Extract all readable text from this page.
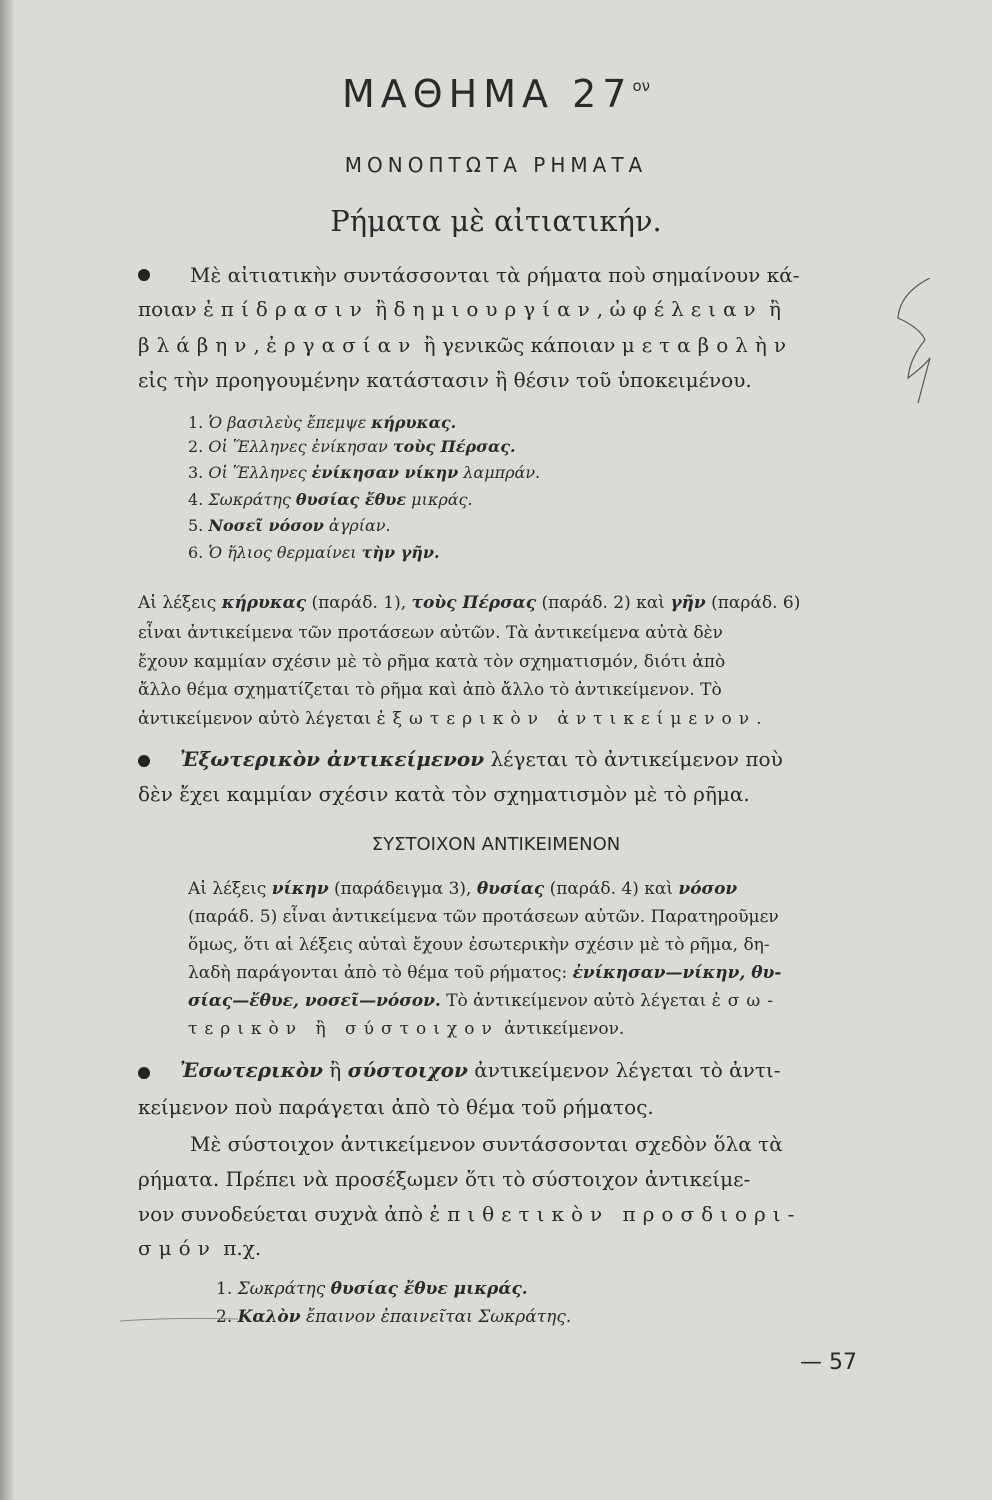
ΜΑΘΗΜΑ $27^{o\nu}$
ΜΟΝΟΠΤΩΤΑ ΡΗΜΑΤΑ
Ρήματα μὲ αἰτιατικήν.
Μὲ αἰτιατικὴν συντάσσονται τὰ ρήματα ποὺ σημαίνουν κά-
ποιαν ἐπίδρασιν ἢ δημιουργίαν, ὠφέλειαν ἢ
βλάβην, ἐργασίαν ἢ γενικῶς κάποιαν μεταβολὴν
εἰς τὴν προηγουμένην κατάστασιν ἢ θέσιν τοῦ ὑποκειμένου.
1. Ὁ βασιλεὺς ἔπεμψε κήρυκας.
2. Οἱ Ἕλληνες ἐνίκησαν τοὺς Πέρσας.
3. Οἱ Ἕλληνες ἐνίκησαν νίκην λαμπράν.
4. Σωκράτης θυσίας ἔθυε μικράς.
5. Νοσεῖ νόσον ἀγρίαν.
6. Ὁ ἥλιος θερμαίνει τὴν γῆν.
Αἱ λέξεις κήρυκας (παράδ. 1), τοὺς Πέρσας (παράδ. 2) καὶ γῆν (παράδ. 6)
εἶναι ἀντικείμενα τῶν προτάσεων αὐτῶν. Τὰ ἀντικείμενα αὐτὰ δὲν
ἔχουν καμμίαν σχέσιν μὲ τὸ ρῆμα κατὰ τὸν σχηματισμόν, διότι ἀπὸ
ἄλλο θέμα σχηματίζεται τὸ ρῆμα καὶ ἀπὸ ἄλλο τὸ ἀντικείμενον. Τὸ
ἀντικείμενον αὐτὸ λέγεται ἐξωτερικὸν ἀντικείμενον.
Ἐξωτερικὸν ἀντικείμενον λέγεται τὸ ἀντικείμενον ποὺ
δὲν ἔχει καμμίαν σχέσιν κατὰ τὸν σχηματισμὸν μὲ τὸ ρῆμα.
ΣΥΣΤΟΙΧΟΝ ΑΝΤΙΚΕΙΜΕΝΟΝ
Αἱ λέξεις νίκην (παράδειγμα 3), θυσίας (παράδ. 4) καὶ νόσον
(παράδ. 5) εἶναι ἀντικείμενα τῶν προτάσεων αὐτῶν. Παρατηροῦμεν
ὅμως, ὅτι αἱ λέξεις αὐταὶ ἔχουν ἐσωτερικὴν σχέσιν μὲ τὸ ρῆμα, δη-
λαδὴ παράγονται ἀπὸ τὸ θέμα τοῦ ρήματος: ἐνίκησαν—νίκην, θυ-
σίας—ἔθυε, νοσεῖ—νόσον. Τὸ ἀντικείμενον αὐτὸ λέγεται ἐσω-
τερικὸν ἢ σύστοιχον ἀντικείμενον.
Ἐσωτερικὸν ἢ σύστοιχον ἀντικείμενον λέγεται τὸ ἀντι-
κείμενον ποὺ παράγεται ἀπὸ τὸ θέμα τοῦ ρήματος.
Μὲ σύστοιχον ἀντικείμενον συντάσσονται σχεδὸν ὅλα τὰ
ρήματα. Πρέπει νὰ προσέξωμεν ὅτι τὸ σύστοιχον ἀντικείμε-
νον συνοδεύεται συχνὰ ἀπὸ ἐπιθετικὸν προσδιορι-
σμόν π.χ.
1. Σωκράτης θυσίας ἔθυε μικράς.
2. Καλὸν ἔπαινον ἐπαινεῖται Σωκράτης.
— 57
